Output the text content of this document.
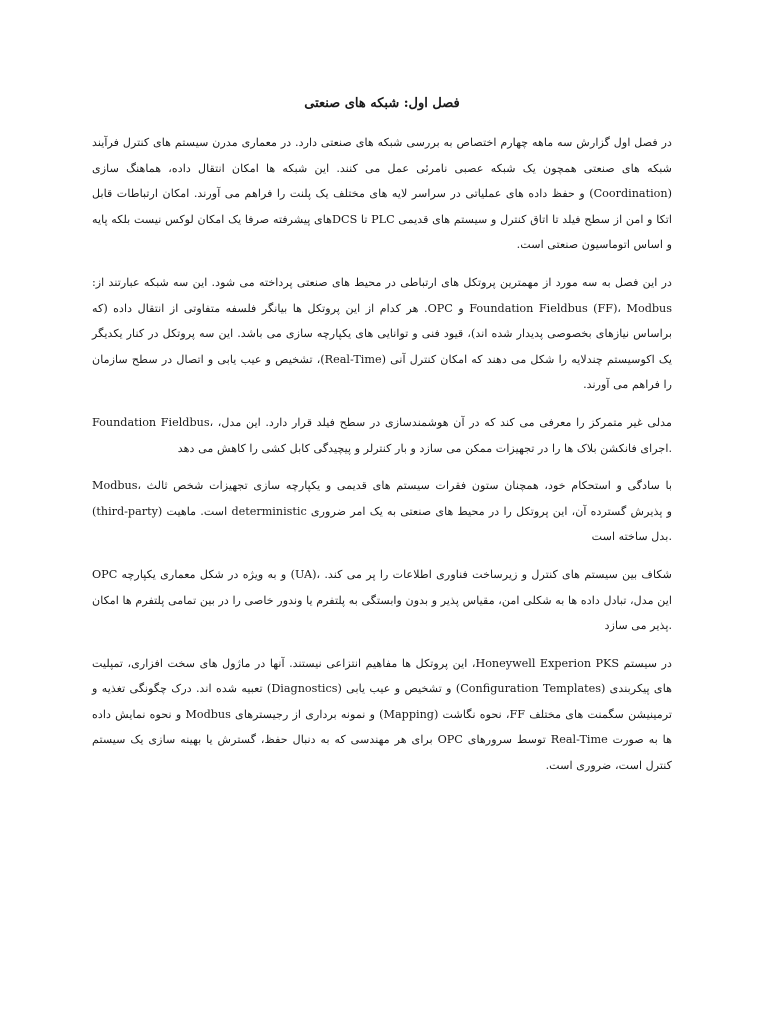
فصل اول: شبکه های صنعتی

در فصل اول گزارش سه ماهه چهارم اختصاص به بررسی شبکه های صنعتی دارد. در معماری مدرن سیستم های کنترل فرآیند شبکه های صنعتی همچون یک شبکه عصبی نامرئی عمل می کنند. این شبکه ها امکان انتقال داده، هماهنگ سازی (Coordination) و حفظ داده های عملیاتی در سراسر لایه های مختلف یک پلنت را فراهم می آورند. امکان ارتباطات قابل اتکا و امن از سطح فیلد تا اتاق کنترل و سیستم های قدیمی PLC تا DCSهای پیشرفته صرفا یک امکان لوکس نیست بلکه پایه و اساس اتوماسیون صنعتی است.

در این فصل به سه مورد از مهمترین پروتکل های ارتباطی در محیط های صنعتی پرداخته می شود. این سه شبکه عبارتند از: Foundation Fieldbus (FF)، Modbus و OPC. هر کدام از این پروتکل ها بیانگر فلسفه متفاوتی از انتقال داده (که براساس نیازهای بخصوصی پدیدار شده اند)، قیود فنی و توانایی های یکپارچه سازی می باشد. این سه پروتکل در کنار یکدیگر یک اکوسیستم چندلایه را شکل می دهند که امکان کنترل آنی (Real-Time)، تشخیص و عیب یابی و اتصال در سطح سازمان را فراهم می آورند.

Foundation Fieldbus، مدلی غیر متمرکز را معرفی می کند که در آن هوشمندسازی در سطح فیلد قرار دارد. این مدل، اجرای فانکشن بلاک ها را در تجهیزات ممکن می سازد و بار کنترلر و پیچیدگی کابل کشی را کاهش می دهد.

Modbus، با سادگی و استحکام خود، همچنان ستون فقرات سیستم های قدیمی و یکپارچه سازی تجهیزات شخص ثالث (third-party) است. ماهیت deterministic و پذیرش گسترده آن، این پروتکل را در محیط های صنعتی به یک امر ضروری بدل ساخته است.

OPC و به ویژه در شکل معماری یکپارچه (UA)، شکاف بین سیستم های کنترل و زیرساخت فناوری اطلاعات را پر می کند. این مدل، تبادل داده ها به شکلی امن، مقیاس پذیر و بدون وابستگی به پلتفرم یا وندور خاصی را در بین تمامی پلتفرم ها امکان پذیر می سازد.

در سیستم Honeywell Experion PKS، این پروتکل ها مفاهیم انتزاعی نیستند. آنها در ماژول های سخت افزاری، تمپلیت های پیکربندی (Configuration Templates) و تشخیص و عیب یابی (Diagnostics) تعبیه شده اند. درک چگونگی تغذیه و ترمینیشن سگمنت های مختلف FF، نحوه نگاشت (Mapping) و نمونه برداری از رجیسترهای Modbus و نحوه نمایش داده ها به صورت Real-Time توسط سرورهای OPC برای هر مهندسی که به دنبال حفظ، گسترش یا بهینه سازی یک سیستم کنترل است، ضروری است.
